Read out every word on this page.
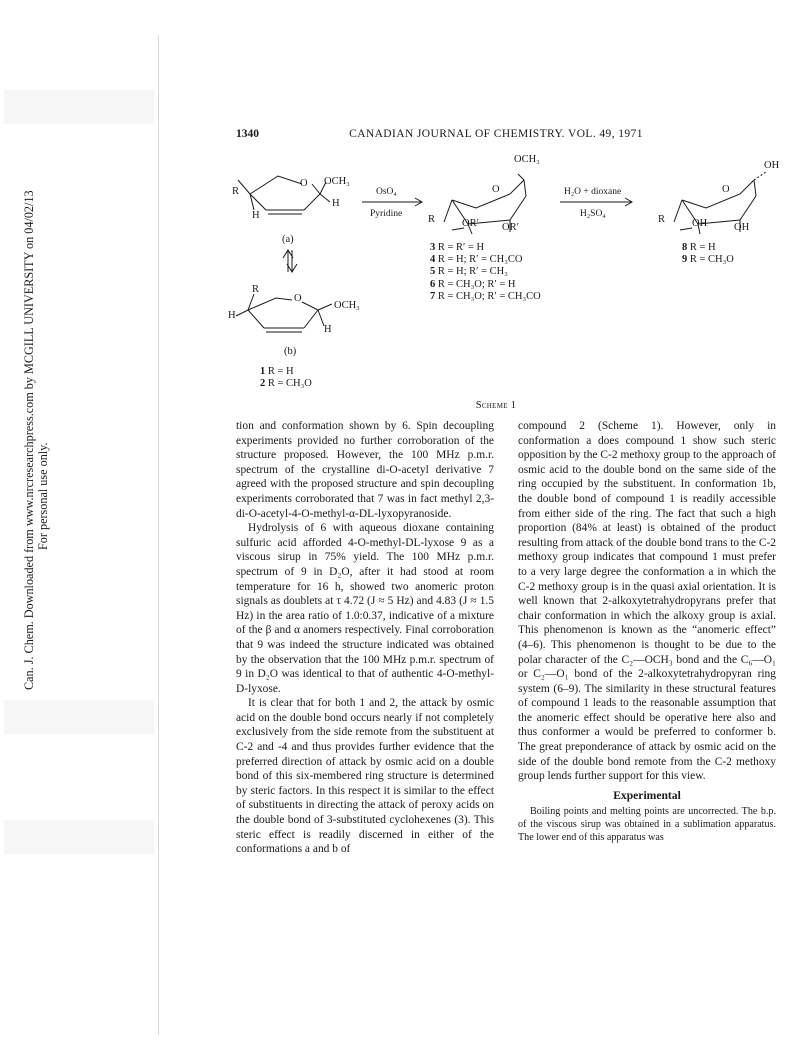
Can. J. Chem. Downloaded from www.nrcresearchpress.com by MCGILL UNIVERSITY on 04/02/13 For personal use only.
1340	CANADIAN JOURNAL OF CHEMISTRY. VOL. 49, 1971
OCH₃
R
O
H
H
(a)
R
O
OCH₃
H
H
(b)
1 R = H
2 R = CH₃O
OsO₄
Pyridine
OCH₃
O
R	OR′ OR′
3 R = R′ = H
4 R = H; R′ = CH₃CO
5 R = H; R′ = CH₃
6 R = CH₃O; R′ = H
7 R = CH₃O; R′ = CH₃CO
H₂O + dioxane
H₂SO₄
OH
O
R	OH	OH
8 R = H
9 R = CH₃O
Scheme 1

tion and conformation shown by 6. Spin decoupling experiments provided no further corroboration of the structure proposed. However, the 100 MHz p.m.r. spectrum of the crystalline di-O-acetyl derivative 7 agreed with the proposed structure and spin decoupling experiments corroborated that 7 was in fact methyl 2,3-di-O-acetyl-4-O-methyl-α-DL-lyxopyranoside.

Hydrolysis of 6 with aqueous dioxane containing sulfuric acid afforded 4-O-methyl-DL-lyxose 9 as a viscous sirup in 75% yield. The 100 MHz p.m.r. spectrum of 9 in D₂O, after it had stood at room temperature for 16 h, showed two anomeric proton signals as doublets at τ 4.72 (J ≈ 5 Hz) and 4.83 (J ≈ 1.5 Hz) in the area ratio of 1.0:0.37, indicative of a mixture of the β and α anomers respectively. Final corroboration that 9 was indeed the structure indicated was obtained by the observation that the 100 MHz p.m.r. spectrum of 9 in D₂O was identical to that of authentic 4-O-methyl-D-lyxose.

It is clear that for both 1 and 2, the attack by osmic acid on the double bond occurs nearly if not completely exclusively from the side remote from the substituent at C-2 and -4 and thus provides further evidence that the preferred direction of attack by osmic acid on a double bond of this six-membered ring structure is determined by steric factors. In this respect it is similar to the effect of substituents in directing the attack of peroxy acids on the double bond of 3-substituted cyclohexenes (3). This steric effect is readily discerned in either of the conformations a and b of

compound 2 (Scheme 1). However, only in conformation a does compound 1 show such steric opposition by the C-2 methoxy group to the approach of osmic acid to the double bond on the same side of the ring occupied by the substituent. In conformation 1b, the double bond of compound 1 is readily accessible from either side of the ring. The fact that such a high proportion (84% at least) is obtained of the product resulting from attack of the double bond trans to the C-2 methoxy group indicates that compound 1 must prefer to a very large degree the conformation a in which the C-2 methoxy group is in the quasi axial orientation. It is well known that 2-alkoxytetrahydropyrans prefer that chair conformation in which the alkoxy group is axial. This phenomenon is known as the “anomeric effect” (4–6). This phenomenon is thought to be due to the polar character of the C₂—OCH₃ bond and the C₆—O₁ or C₂—O₁ bond of the 2-alkoxytetrahydropyran ring system (6–9). The similarity in these structural features of compound 1 leads to the reasonable assumption that the anomeric effect should be operative here also and thus conformer a would be preferred to conformer b. The great preponderance of attack by osmic acid on the side of the double bond remote from the C-2 methoxy group lends further support for this view.

Experimental

Boiling points and melting points are uncorrected. The b.p. of the viscous sirup was obtained in a sublimation apparatus. The lower end of this apparatus was
